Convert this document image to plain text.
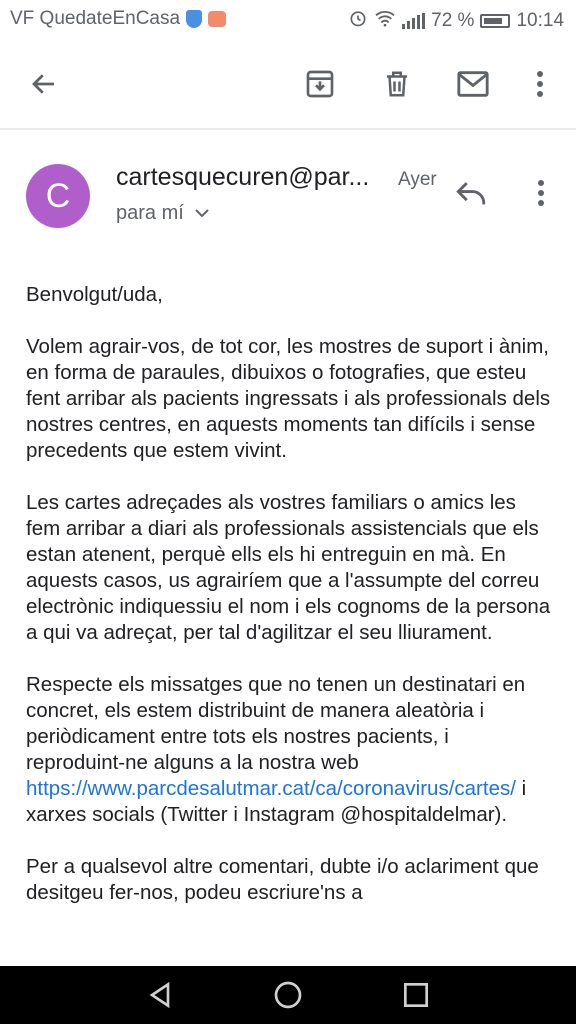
VF QuedateEnCasa	72 % 10:14
C	cartesquecuren@par... Ayer
para mí

Benvolgut/uda,

Volem agrair-vos, de tot cor, les mostres de suport i ànim, en forma de paraules, dibuixos o fotografies, que esteu fent arribar als pacients ingressats i als professionals dels nostres centres, en aquests moments tan difícils i sense precedents que estem vivint.

Les cartes adreçades als vostres familiars o amics les fem arribar a diari als professionals assistencials que els estan atenent, perquè ells els hi entreguin en mà. En aquests casos, us agrairíem que a l'assumpte del correu electrònic indiquessiu el nom i els cognoms de la persona a qui va adreçat, per tal d'agilitzar el seu lliurament.

Respecte els missatges que no tenen un destinatari en concret, els estem distribuint de manera aleatòria i periòdicament entre tots els nostres pacients, i reproduint-ne alguns a la nostra web https://www.parcdesalutmar.cat/ca/coronavirus/cartes/ i xarxes socials (Twitter i Instagram @hospitaldelmar).

Per a qualsevol altre comentari, dubte i/o aclariment que desitgeu fer-nos, podeu escriure'ns a
